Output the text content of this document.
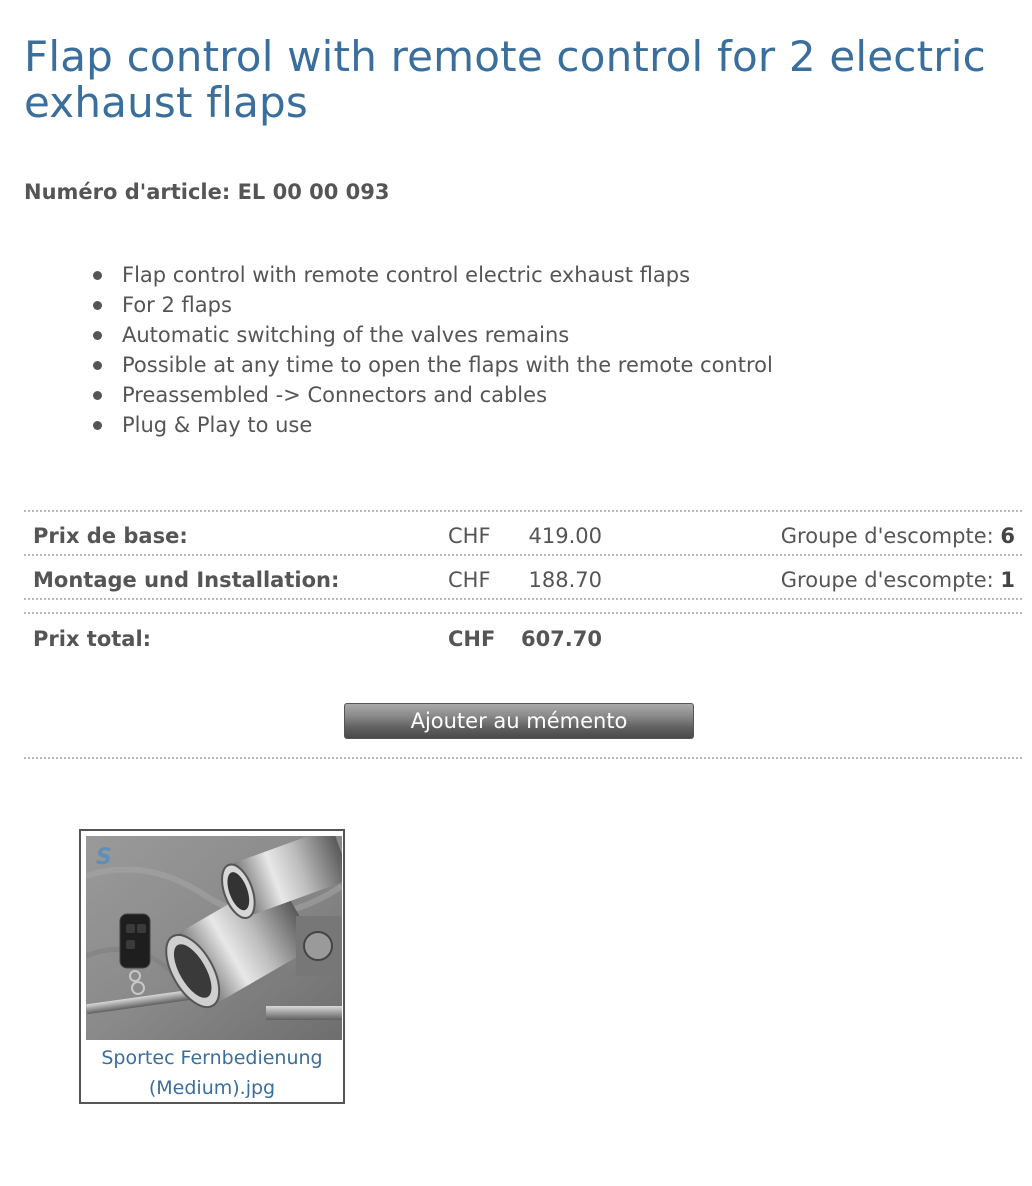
Flap control with remote control for 2 electric exhaust flaps
Numéro d'article: EL 00 00 093
Flap control with remote control electric exhaust flaps
For 2 flaps
Automatic switching of the valves remains
Possible at any time to open the flaps with the remote control
Preassembled -> Connectors and cables
Plug & Play to use
Prix de base:	CHF	419.00	Groupe d'escompte: 6
Montage und Installation:	CHF	188.70	Groupe d'escompte: 1
Prix total:	CHF	607.70
Ajouter au mémento
S
Sportec Fernbedienung
(Medium).jpg
